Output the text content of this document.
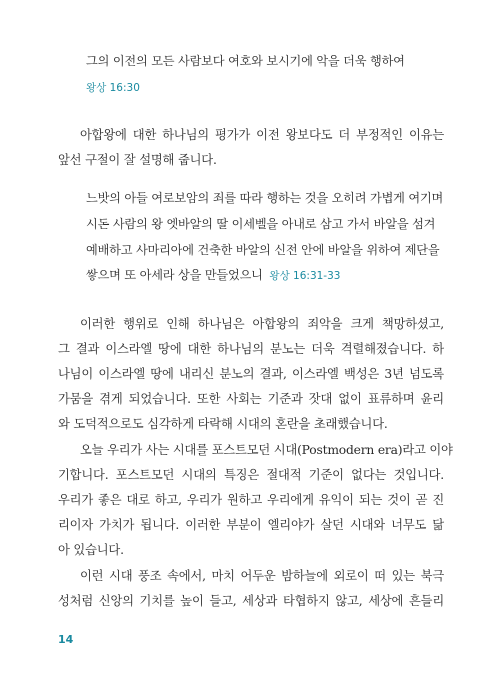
그의 이전의 모든 사람보다 여호와 보시기에 악을 더욱 행하여
왕상 16:30
아합왕에 대한 하나님의 평가가 이전 왕보다도 더 부정적인 이유는
앞선 구절이 잘 설명해 줍니다.
느밧의 아들 여로보암의 죄를 따라 행하는 것을 오히려 가볍게 여기며
시돈 사람의 왕 엣바알의 딸 이세벨을 아내로 삼고 가서 바알을 섬겨
예배하고 사마리아에 건축한 바알의 신전 안에 바알을 위하여 제단을
쌓으며 또 아세라 상을 만들었으니 왕상 16:31-33
이러한 행위로 인해 하나님은 아합왕의 죄악을 크게 책망하셨고,
그 결과 이스라엘 땅에 대한 하나님의 분노는 더욱 격렬해졌습니다. 하
나님이 이스라엘 땅에 내리신 분노의 결과, 이스라엘 백성은 3년 넘도록
가뭄을 겪게 되었습니다. 또한 사회는 기준과 잣대 없이 표류하며 윤리
와 도덕적으로도 심각하게 타락해 시대의 혼란을 초래했습니다.
오늘 우리가 사는 시대를 포스트모던 시대(Postmodern era)라고 이야
기합니다. 포스트모던 시대의 특징은 절대적 기준이 없다는 것입니다.
우리가 좋은 대로 하고, 우리가 원하고 우리에게 유익이 되는 것이 곧 진
리이자 가치가 됩니다. 이러한 부분이 엘리야가 살던 시대와 너무도 닮
아 있습니다.
이런 시대 풍조 속에서, 마치 어두운 밤하늘에 외로이 떠 있는 북극
성처럼 신앙의 기치를 높이 들고, 세상과 타협하지 않고, 세상에 흔들리
14
